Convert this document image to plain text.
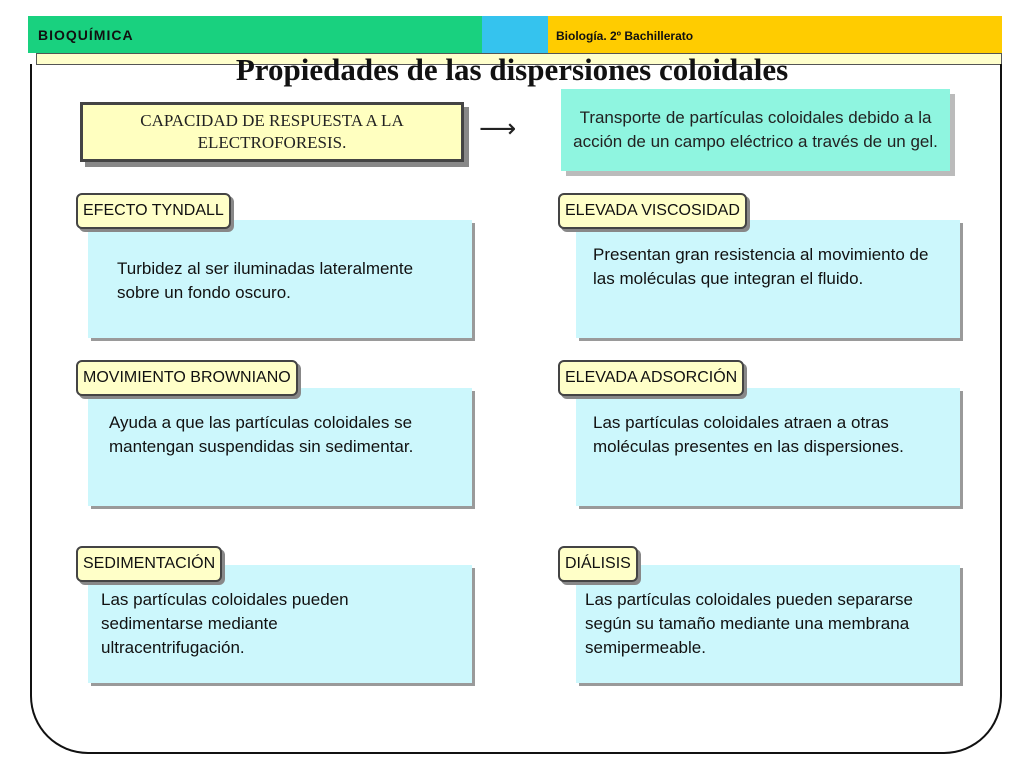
BIOQUÍMICA	Biología. 2º Bachillerato
Propiedades de las dispersiones coloidales
CAPACIDAD DE RESPUESTA A LA ELECTROFORESIS.	⟶	Transporte de partículas coloidales debido a la acción de un campo eléctrico a través de un gel.
Turbidez al ser iluminadas lateralmente sobre un fondo oscuro.
EFECTO TYNDALL
Presentan gran resistencia al movimiento de las moléculas que integran el fluido.
ELEVADA VISCOSIDAD
Ayuda a que las partículas coloidales se mantengan suspendidas sin sedimentar.
MOVIMIENTO BROWNIANO
Las partículas coloidales atraen a otras moléculas presentes en las dispersiones.
ELEVADA ADSORCIÓN
Las partículas coloidales pueden sedimentarse mediante ultracentrifugación.
SEDIMENTACIÓN
Las partículas coloidales pueden separarse según su tamaño mediante una membrana semipermeable.
DIÁLISIS
